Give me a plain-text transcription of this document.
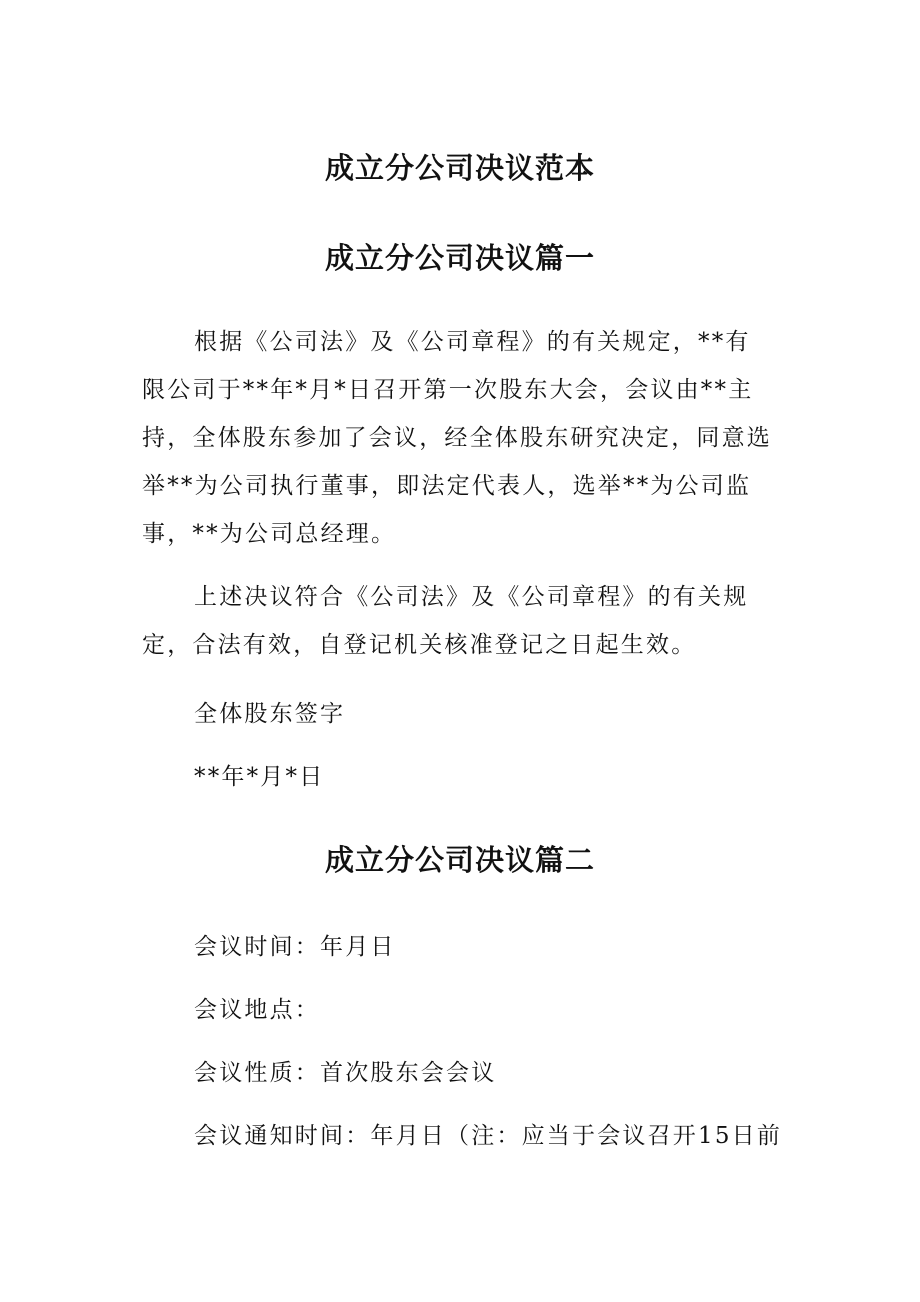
成立分公司决议范本
成立分公司决议篇一

根据《公司法》及《公司章程》的有关规定，**有限公司于**年*月*日召开第一次股东大会，会议由**主持，全体股东参加了会议，经全体股东研究决定，同意选举**为公司执行董事，即法定代表人，选举**为公司监事，**为公司总经理。

上述决议符合《公司法》及《公司章程》的有关规定，合法有效，自登记机关核准登记之日起生效。

全体股东签字

**年*月*日

成立分公司决议篇二

会议时间：年月日

会议地点：

会议性质：首次股东会会议

会议通知时间：年月日（注：应当于会议召开15日前
